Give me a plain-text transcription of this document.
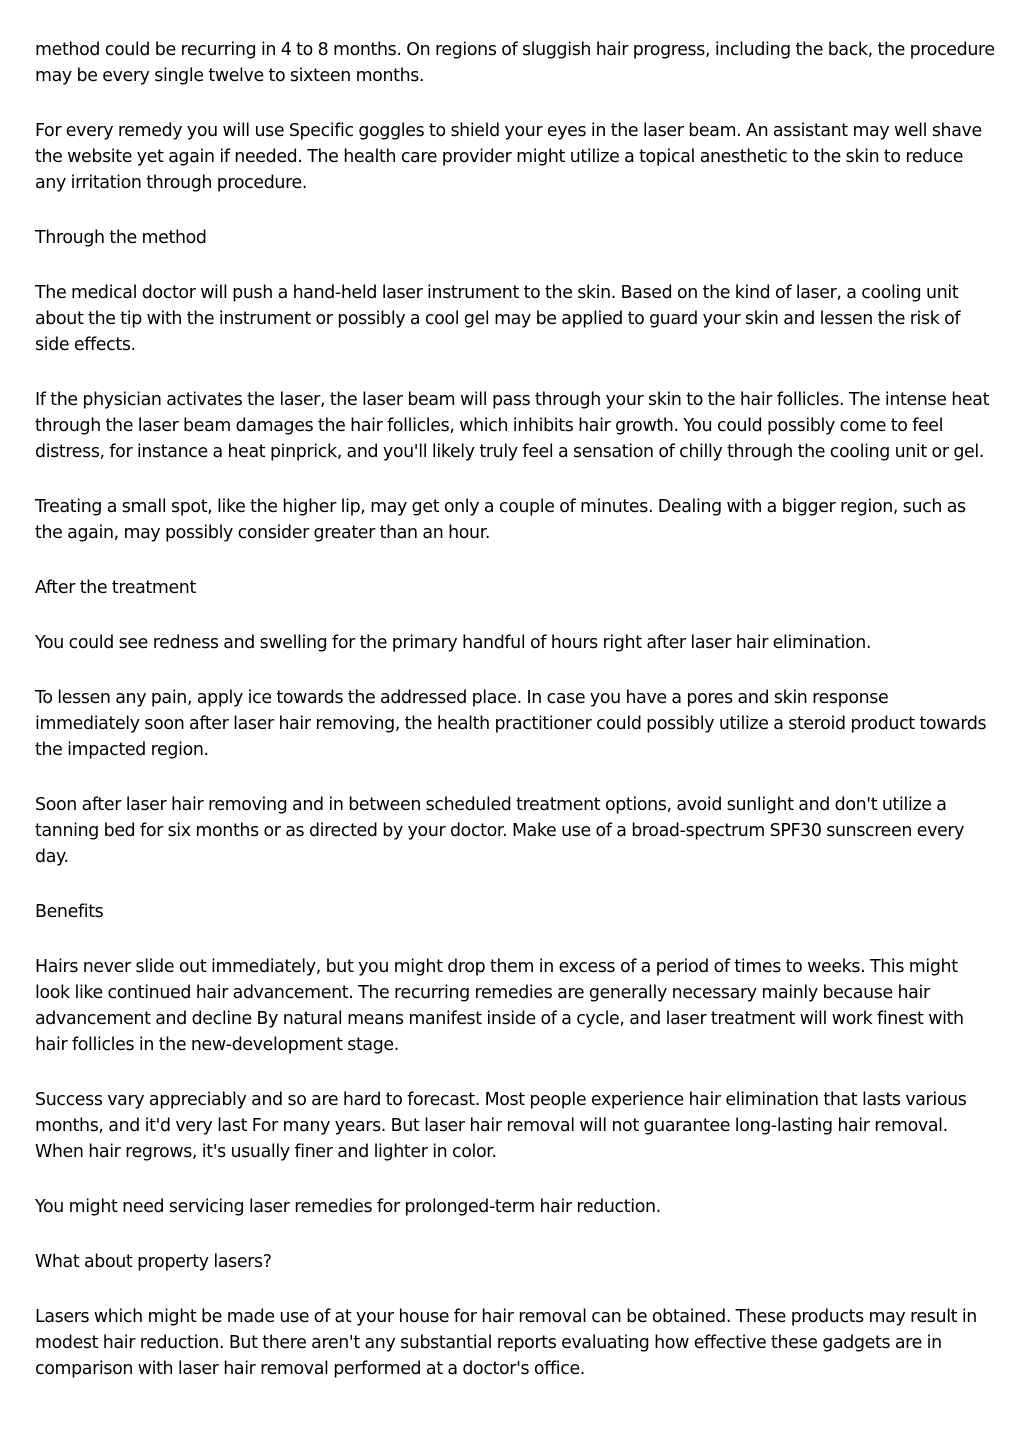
method could be recurring in 4 to 8 months. On regions of sluggish hair progress, including the back, the procedure may be every single twelve to sixteen months.

For every remedy you will use Specific goggles to shield your eyes in the laser beam. An assistant may well shave the website yet again if needed. The health care provider might utilize a topical anesthetic to the skin to reduce any irritation through procedure.

Through the method

The medical doctor will push a hand-held laser instrument to the skin. Based on the kind of laser, a cooling unit about the tip with the instrument or possibly a cool gel may be applied to guard your skin and lessen the risk of side effects.

If the physician activates the laser, the laser beam will pass through your skin to the hair follicles. The intense heat through the laser beam damages the hair follicles, which inhibits hair growth. You could possibly come to feel distress, for instance a heat pinprick, and you'll likely truly feel a sensation of chilly through the cooling unit or gel.

Treating a small spot, like the higher lip, may get only a couple of minutes. Dealing with a bigger region, such as the again, may possibly consider greater than an hour.

After the treatment

You could see redness and swelling for the primary handful of hours right after laser hair elimination.

To lessen any pain, apply ice towards the addressed place. In case you have a pores and skin response immediately soon after laser hair removing, the health practitioner could possibly utilize a steroid product towards the impacted region.

Soon after laser hair removing and in between scheduled treatment options, avoid sunlight and don't utilize a tanning bed for six months or as directed by your doctor. Make use of a broad-spectrum SPF30 sunscreen every day.

Benefits

Hairs never slide out immediately, but you might drop them in excess of a period of times to weeks. This might look like continued hair advancement. The recurring remedies are generally necessary mainly because hair advancement and decline By natural means manifest inside of a cycle, and laser treatment will work finest with hair follicles in the new-development stage.

Success vary appreciably and so are hard to forecast. Most people experience hair elimination that lasts various months, and it'd very last For many years. But laser hair removal will not guarantee long-lasting hair removal. When hair regrows, it's usually finer and lighter in color.

You might need servicing laser remedies for prolonged-term hair reduction.

What about property lasers?

Lasers which might be made use of at your house for hair removal can be obtained. These products may result in modest hair reduction. But there aren't any substantial reports evaluating how effective these gadgets are in comparison with laser hair removal performed at a doctor's office.
